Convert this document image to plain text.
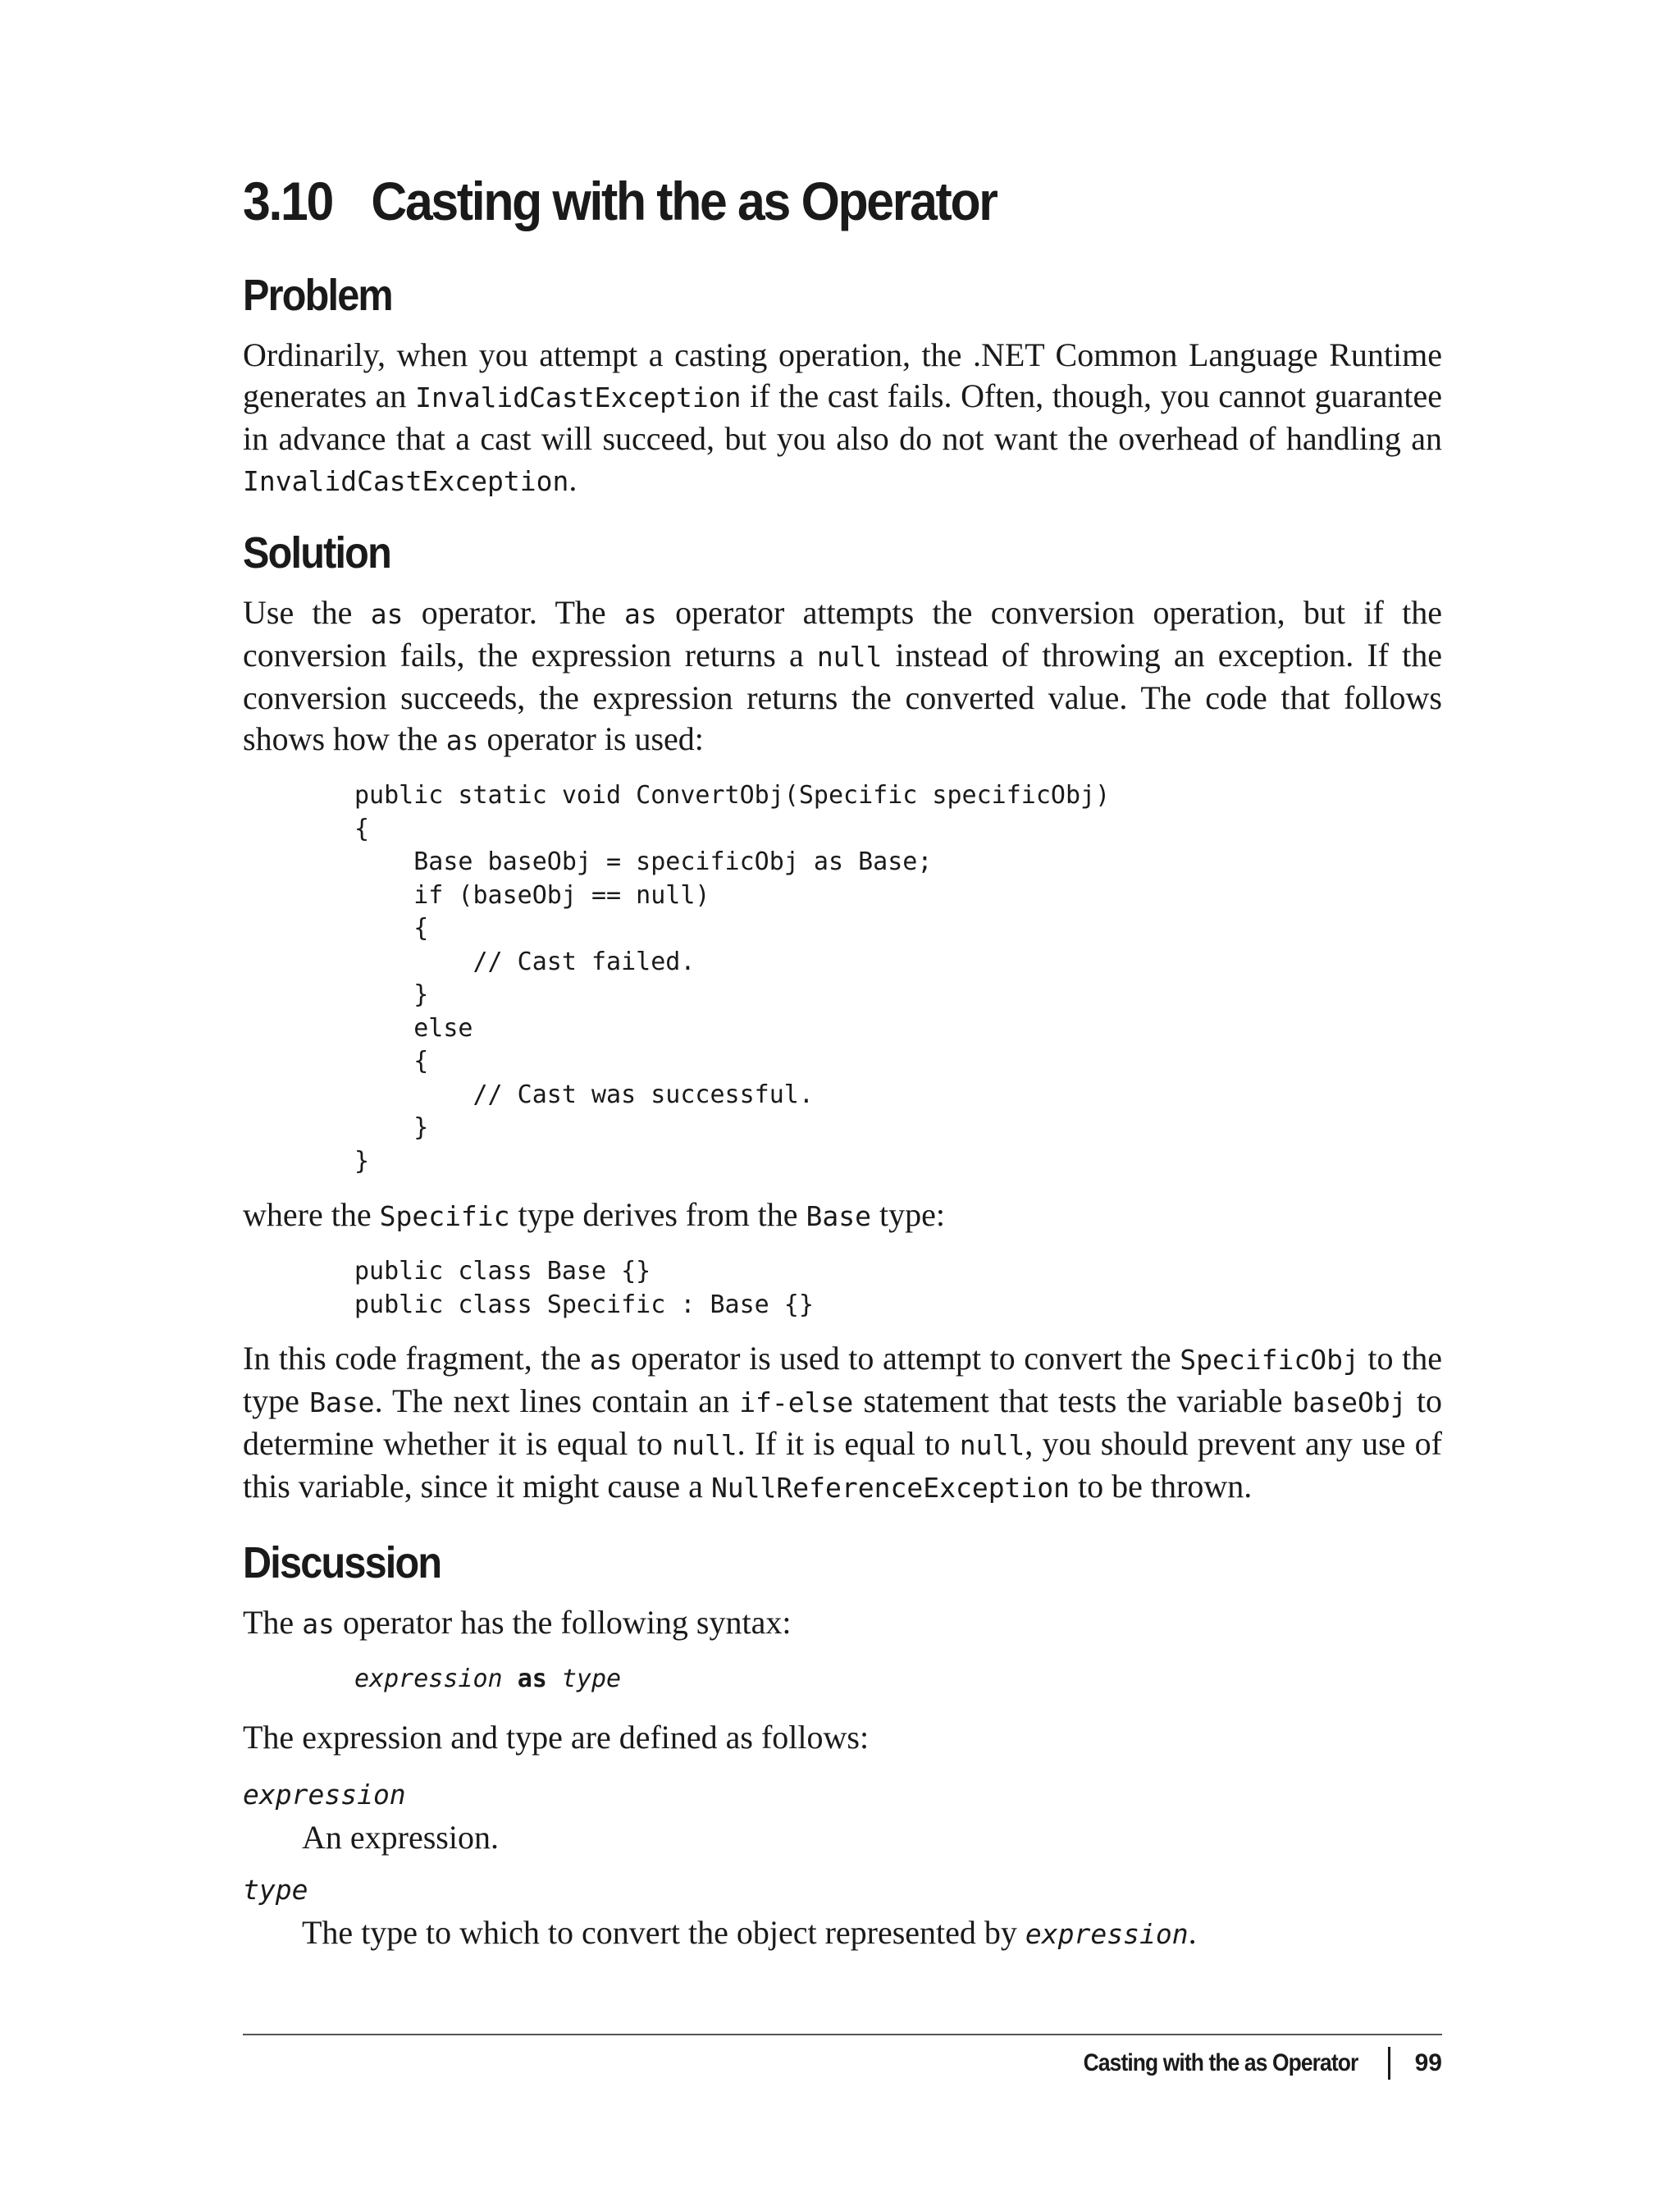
3.10 Casting with the as Operator
Problem

Ordinarily, when you attempt a casting operation, the .NET Common Language Runtime generates an InvalidCastException if the cast fails. Often, though, you cannot guarantee in advance that a cast will succeed, but you also do not want the overhead of handling an InvalidCastException.

Solution

Use the as operator. The as operator attempts the conversion operation, but if the conversion fails, the expression returns a null instead of throwing an exception. If the conversion succeeds, the expression returns the converted value. The code that follows shows how the as operator is used:

public static void ConvertObj(Specific specificObj)
{
Base baseObj = specificObj as Base;
if (baseObj == null)
{
// Cast failed.
}
else
{
// Cast was successful.
}
}

where the Specific type derives from the Base type:

public class Base {}
public class Specific : Base {}

In this code fragment, the as operator is used to attempt to convert the SpecificObj to the type Base. The next lines contain an if-else statement that tests the variable baseObj to determine whether it is equal to null. If it is equal to null, you should prevent any use of this variable, since it might cause a NullReferenceException to be thrown.

Discussion

The as operator has the following syntax:

expression as type

The expression and type are defined as follows:

expression
An expression.
type
The type to which to convert the object represented by expression.
Casting with the as Operator 99
